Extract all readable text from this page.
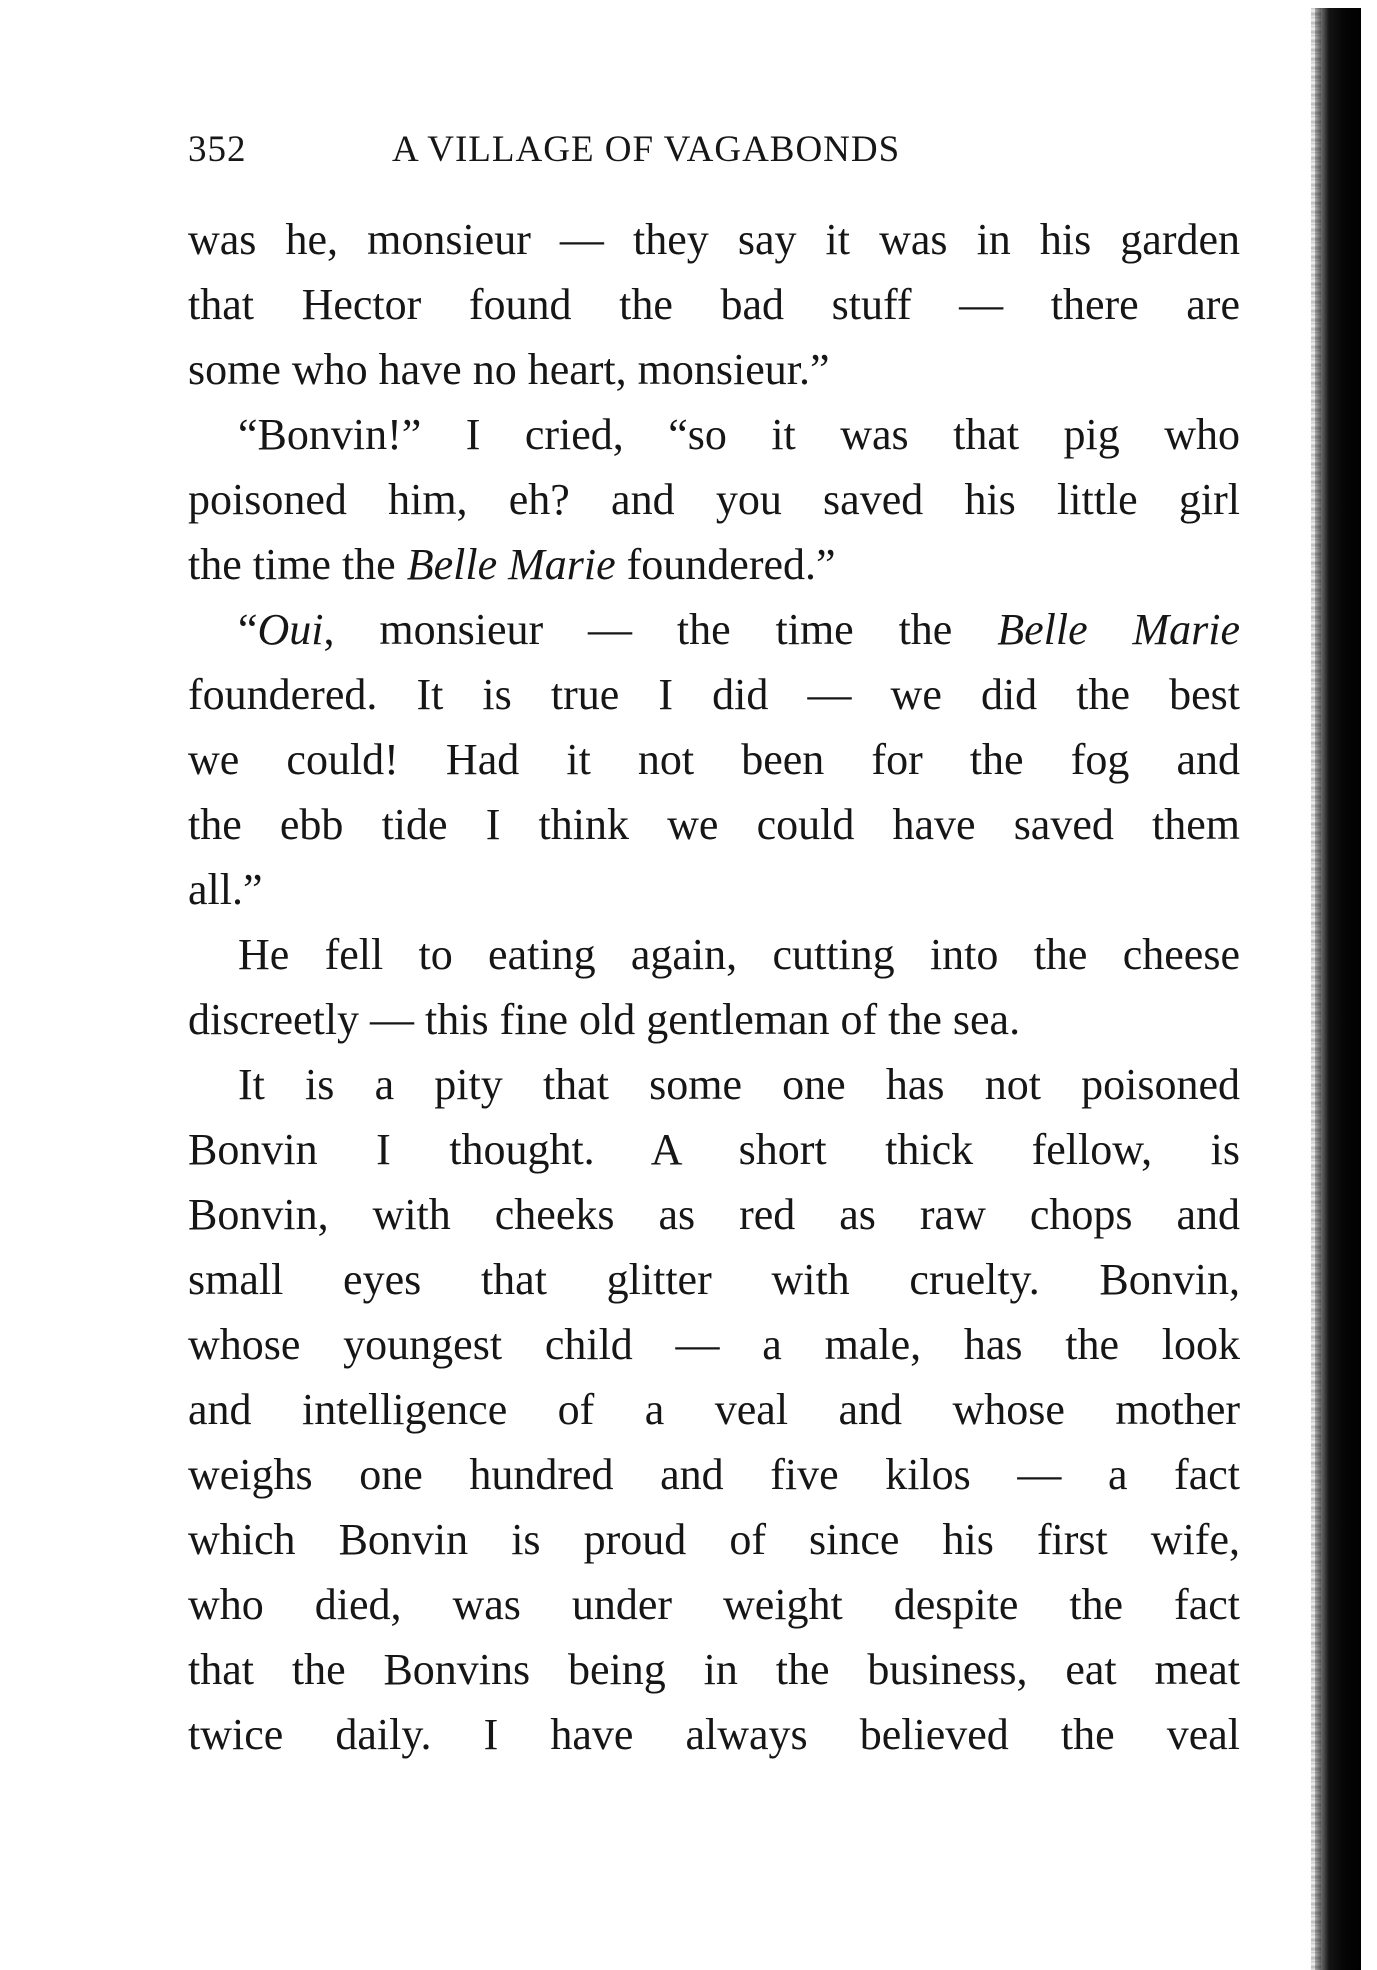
352	A VILLAGE OF VAGABONDS
was he, monsieur — they say it was in his garden
that Hector found the bad stuff — there are
some who have no heart, monsieur.”
“Bonvin!” I cried, “so it was that pig who
poisoned him, eh? and you saved his little girl
the time the Belle Marie foundered.”
“Oui, monsieur — the time the Belle Marie
foundered. It is true I did — we did the best
we could! Had it not been for the fog and
the ebb tide I think we could have saved them
all.”
He fell to eating again, cutting into the cheese
discreetly — this fine old gentleman of the sea.
It is a pity that some one has not poisoned
Bonvin I thought. A short thick fellow, is
Bonvin, with cheeks as red as raw chops and
small eyes that glitter with cruelty. Bonvin,
whose youngest child — a male, has the look
and intelligence of a veal and whose mother
weighs one hundred and five kilos — a fact
which Bonvin is proud of since his first wife,
who died, was under weight despite the fact
that the Bonvins being in the business, eat meat
twice daily. I have always believed the veal
